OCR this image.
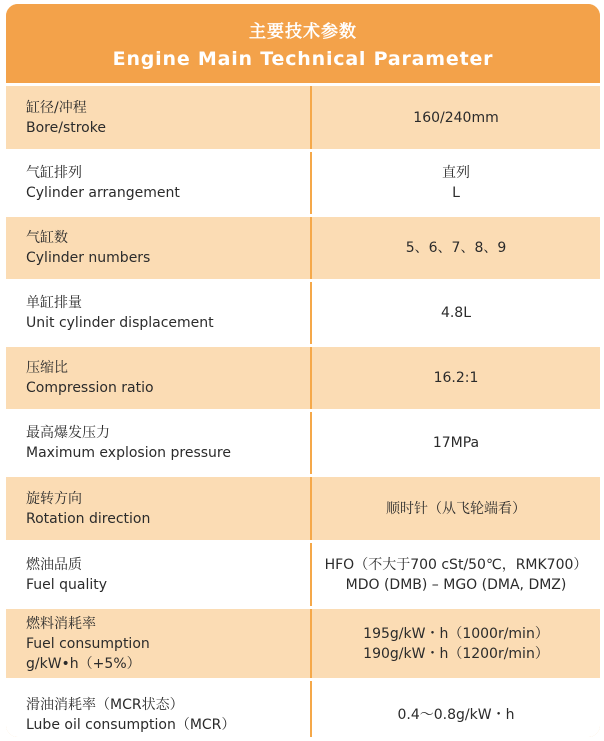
主要技术参数
Engine Main Technical Parameter
缸径/冲程
Bore/stroke
160/240mm
气缸排列
Cylinder arrangement
直列
L
气缸数
Cylinder numbers
5、6、7、8、9
单缸排量
Unit cylinder displacement
4.8L
压缩比
Compression ratio
16.2:1
最高爆发压力
Maximum explosion pressure
17MPa
旋转方向
Rotation direction
顺时针（从飞轮端看）
燃油品质
Fuel quality
HFO（不大于700 cSt/50℃，RMK700）
MDO (DMB) – MGO (DMA, DMZ)
燃料消耗率
Fuel consumption
g/kW•h（+5%）
195g/kW・h（1000r/min）
190g/kW・h（1200r/min）
滑油消耗率（MCR状态）
Lube oil consumption（MCR）
0.4～0.8g/kW・h
